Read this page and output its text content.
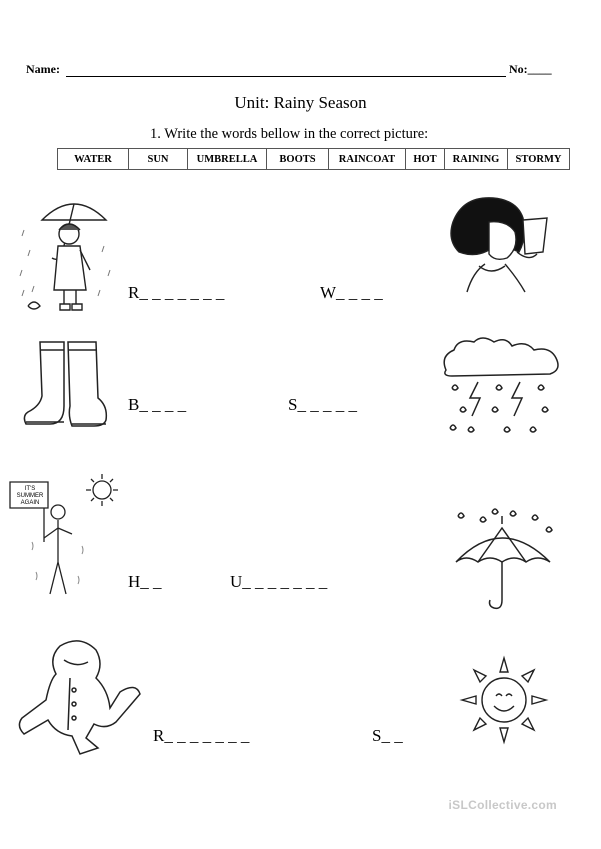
Name:	No:____
Unit: Rainy Season
1. Write the words bellow in the correct picture:
WATER	SUN	UMBRELLA	BOOTS	RAINCOAT	HOT	RAINING	STORMY
R_ _ _ _ _ _ _	W_ _ _ _
B_ _ _ _	S_ _ _ _ _
IT'S SUMMER AGAIN
H_ _	U_ _ _ _ _ _ _
R_ _ _ _ _ _ _	S_ _
iSLCollective.com
